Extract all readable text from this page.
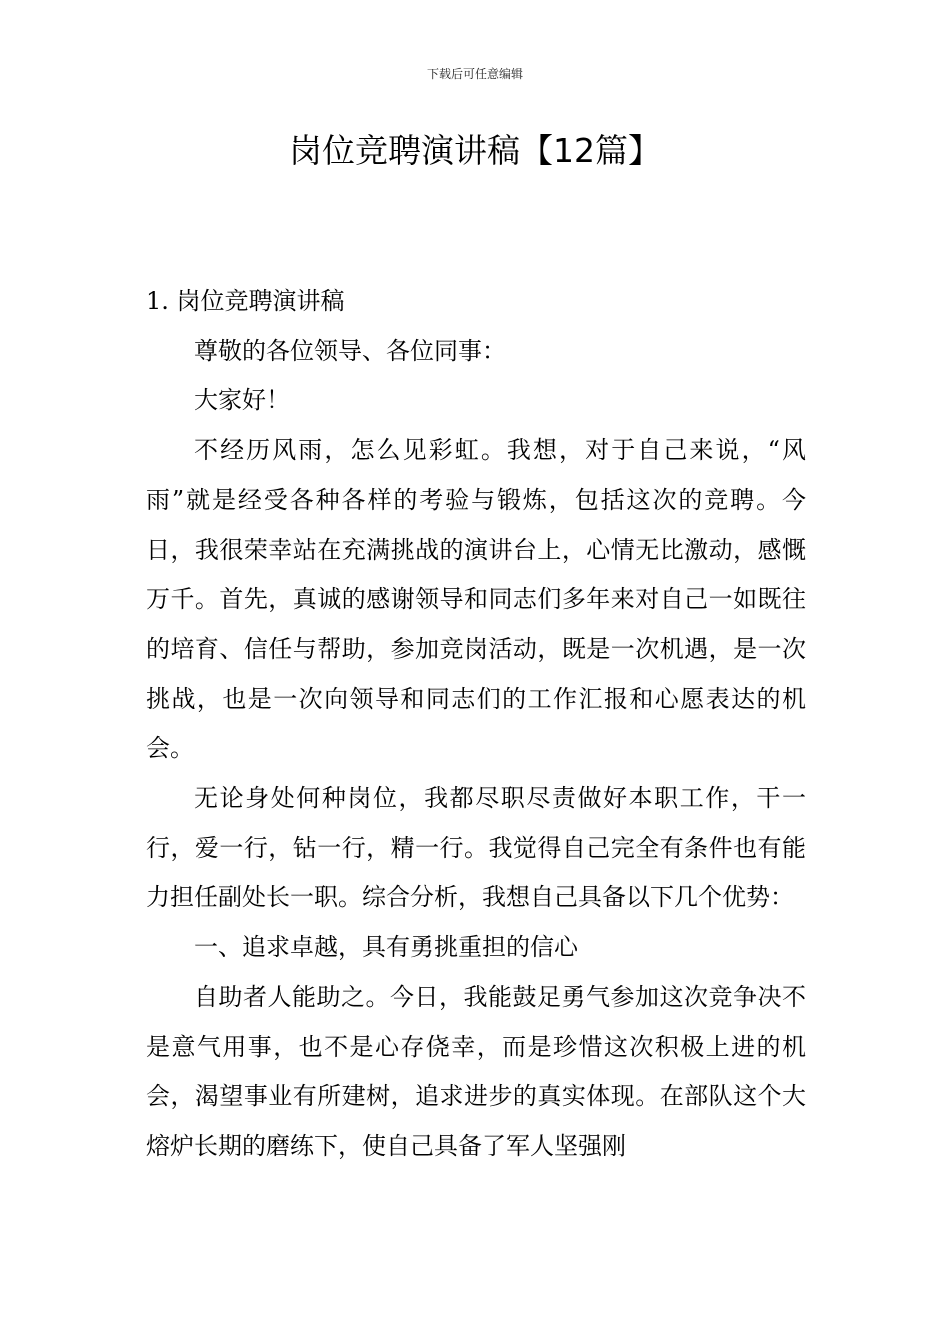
下载后可任意编辑
岗位竞聘演讲稿【12篇】

1. 岗位竞聘演讲稿

尊敬的各位领导、各位同事：

大家好！

不经历风雨，怎么见彩虹。我想，对于自己来说，“风雨”就是经受各种各样的考验与锻炼，包括这次的竞聘。今日，我很荣幸站在充满挑战的演讲台上，心情无比激动，感慨万千。首先，真诚的感谢领导和同志们多年来对自己一如既往的培育、信任与帮助，参加竞岗活动，既是一次机遇，是一次挑战，也是一次向领导和同志们的工作汇报和心愿表达的机会。

无论身处何种岗位，我都尽职尽责做好本职工作，干一行，爱一行，钻一行，精一行。我觉得自己完全有条件也有能力担任副处长一职。综合分析，我想自己具备以下几个优势：

一、追求卓越，具有勇挑重担的信心

自助者人能助之。今日，我能鼓足勇气参加这次竞争决不是意气用事，也不是心存侥幸，而是珍惜这次积极上进的机会，渴望事业有所建树，追求进步的真实体现。在部队这个大熔炉长期的磨练下，使自己具备了军人坚强刚
